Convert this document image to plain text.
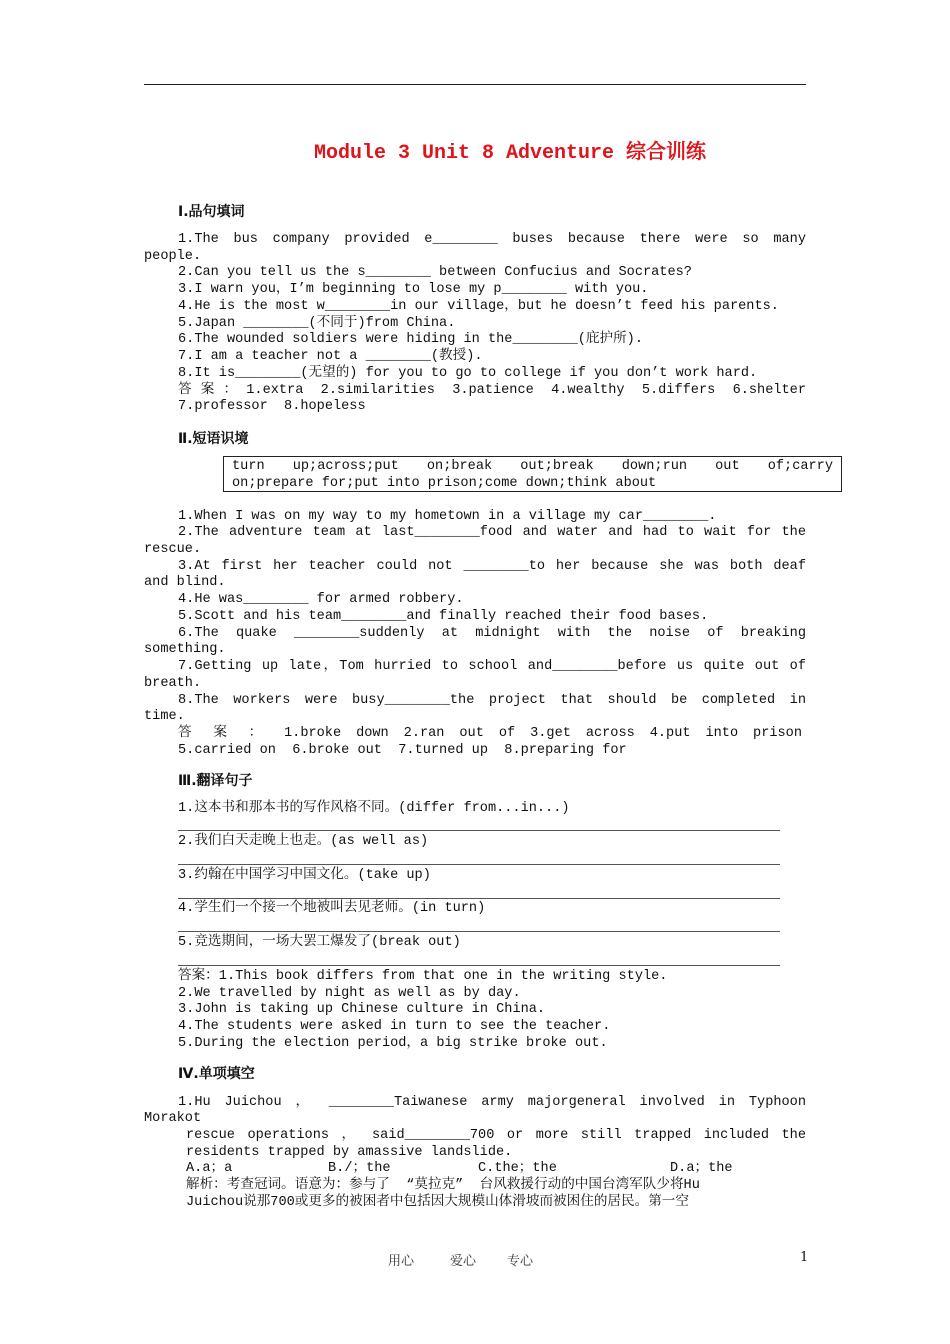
Module 3 Unit 8 Adventure 综合训练
Ⅰ.品句填词
1.The bus company provided e________ buses because there were so many
people.
2.Can you tell us the s________ between Confucius and Socrates?
3.I warn you，I’m beginning to lose my p________ with you.
4.He is the most w________in our village，but he doesn’t feed his parents.
5.Japan ________(不同于)from China.
6.The wounded soldiers were hiding in the________(庇护所).
7.I am a teacher not a ________(教授).
8.It is________(无望的) for you to go to college if you don’t work hard.
答案：1.extra 2.similarities 3.patience 4.wealthy 5.differs 6.shelter
7.professor  8.hopeless
Ⅱ.短语识境
turn up;across;put on;break out;break down;run out of;carry
on;prepare for;put into prison;come down;think about
1.When I was on my way to my hometown in a village my car________.
2.The adventure team at last________food and water and had to wait for the
rescue.
3.At first her teacher could not ________to her because she was both deaf
and blind.
4.He was________ for armed robbery.
5.Scott and his team________and finally reached their food bases.
6.The quake ________suddenly at midnight with the noise of breaking
something.
7.Getting up late，Tom hurried to school and________before us quite out of
breath.
8.The workers were busy________the project that should be completed in
time.
答 案 ： 1.broke down 2.ran out of 3.get across 4.put into prison
5.carried on  6.broke out  7.turned up  8.preparing for
Ⅲ.翻译句子
1.这本书和那本书的写作风格不同。(differ from...in...)
2.我们白天走晚上也走。(as well as)
3.约翰在中国学习中国文化。(take up)
4.学生们一个接一个地被叫去见老师。(in turn)
5.竞选期间，一场大罢工爆发了(break out)
答案：1.This book differs from that one in the writing style.
2.We travelled by night as well as by day.
3.John is taking up Chinese culture in China.
4.The students were asked in turn to see the teacher.
5.During the election period，a big strike broke out.
Ⅳ.单项填空
1.Hu Juichou ， ________Taiwanese army majorgeneral involved in Typhoon
Morakot
rescue operations ， said________700 or more still trapped included the
residents trapped by amassive landslide.
A.a；a	B./；the	C.the；the	D.a；the
解析：考查冠词。语意为：参与了  “莫拉克”  台风救援行动的中国台湾军队少将Hu
Juichou说那700或更多的被困者中包括因大规模山体滑坡而被困住的居民。第一空
用心	爱心 专心	1
